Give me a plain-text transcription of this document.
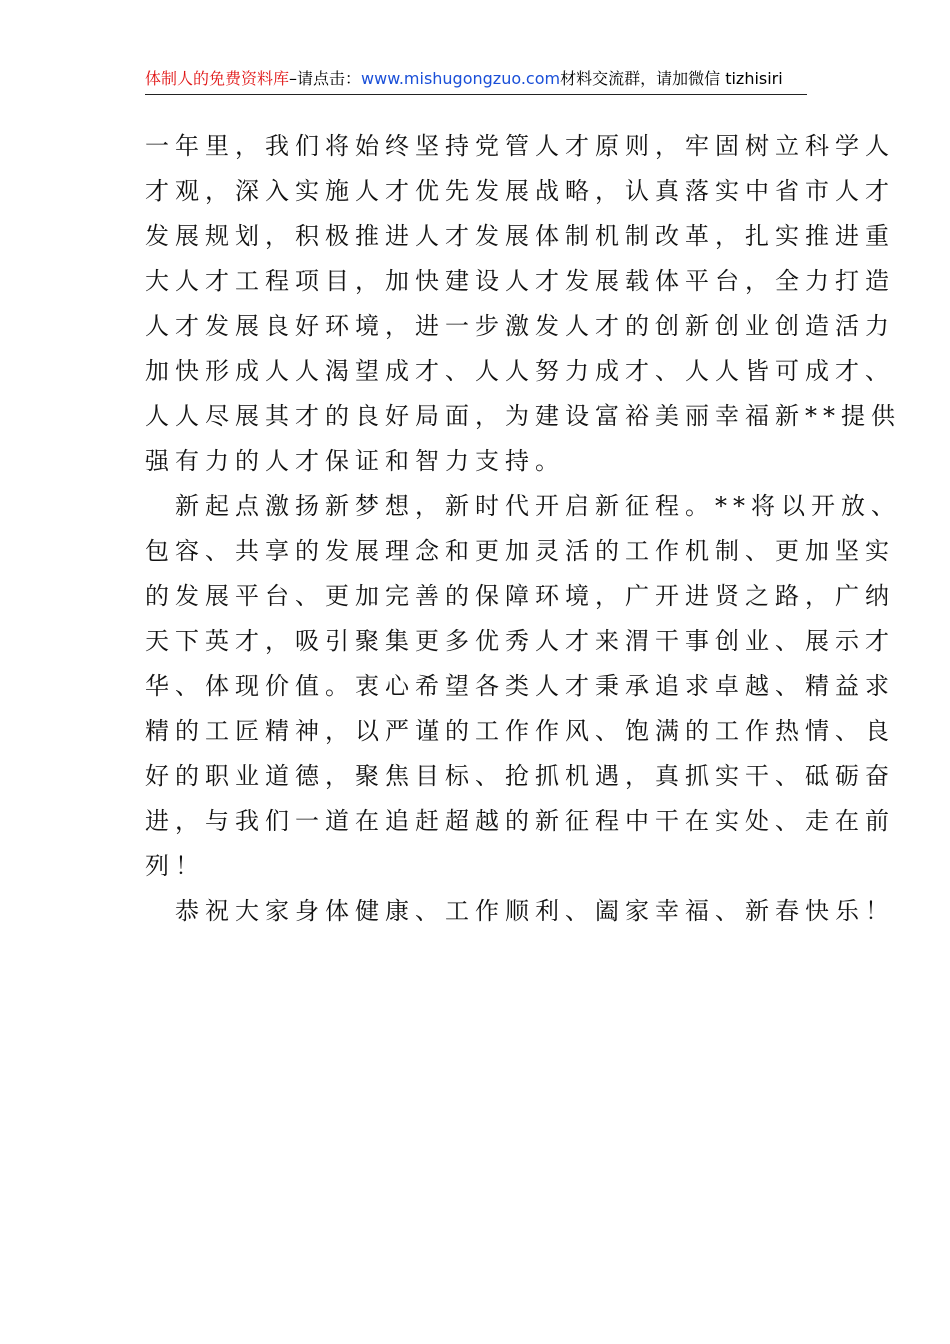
体制人的免费资料库–请点击：www.mishugongzuo.com材料交流群，请加微信 tizhisiri
一年里，我们将始终坚持党管人才原则，牢固树立科学人
才观，深入实施人才优先发展战略，认真落实中省市人才
发展规划，积极推进人才发展体制机制改革，扎实推进重
大人才工程项目，加快建设人才发展载体平台，全力打造
人才发展良好环境，进一步激发人才的创新创业创造活力
加快形成人人渴望成才、人人努力成才、人人皆可成才、
人人尽展其才的良好局面，为建设富裕美丽幸福新**提供
强有力的人才保证和智力支持。
　新起点激扬新梦想，新时代开启新征程。**将以开放、
包容、共享的发展理念和更加灵活的工作机制、更加坚实
的发展平台、更加完善的保障环境，广开进贤之路，广纳
天下英才，吸引聚集更多优秀人才来渭干事创业、展示才
华、体现价值。衷心希望各类人才秉承追求卓越、精益求
精的工匠精神，以严谨的工作作风、饱满的工作热情、良
好的职业道德，聚焦目标、抢抓机遇，真抓实干、砥砺奋
进，与我们一道在追赶超越的新征程中干在实处、走在前
列！
　恭祝大家身体健康、工作顺利、阖家幸福、新春快乐！
